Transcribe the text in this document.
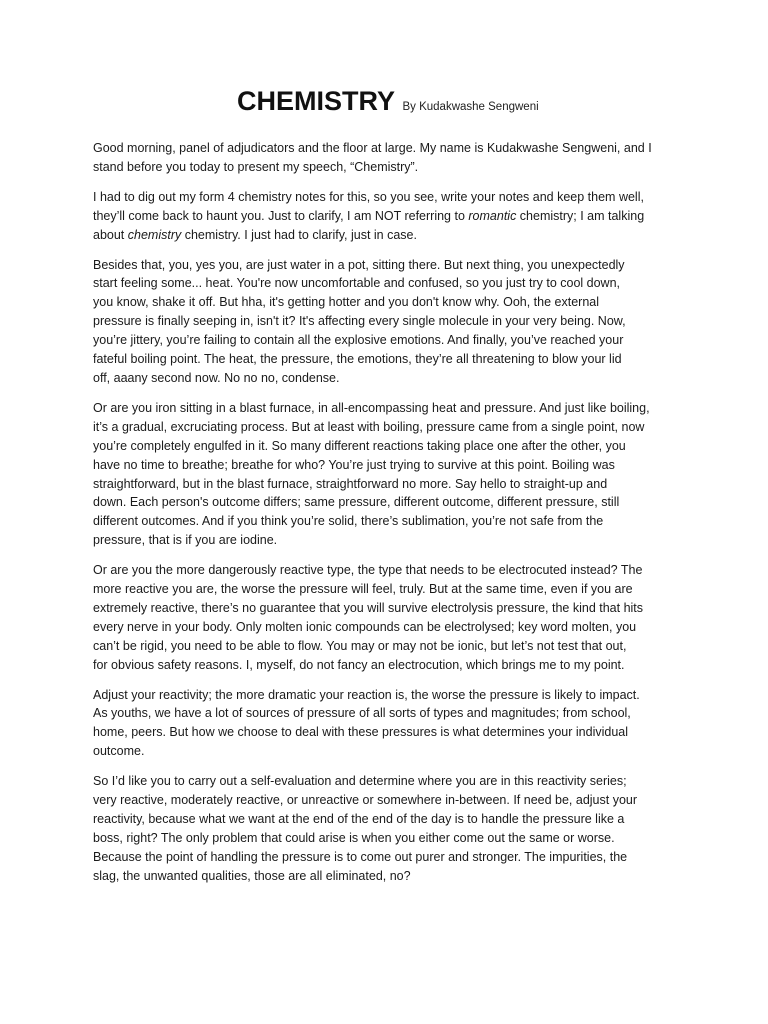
CHEMISTRY By Kudakwashe Sengweni

Good morning, panel of adjudicators and the floor at large. My name is Kudakwashe Sengweni, and I
stand before you today to present my speech, “Chemistry”.

I had to dig out my form 4 chemistry notes for this, so you see, write your notes and keep them well,
they’ll come back to haunt you. Just to clarify, I am NOT referring to romantic chemistry; I am talking
about chemistry chemistry. I just had to clarify, just in case.

Besides that, you, yes you, are just water in a pot, sitting there. But next thing, you unexpectedly
start feeling some... heat. You're now uncomfortable and confused, so you just try to cool down,
you know, shake it off. But hha, it's getting hotter and you don't know why. Ooh, the external
pressure is finally seeping in, isn't it? It's affecting every single molecule in your very being. Now,
you’re jittery, you’re failing to contain all the explosive emotions. And finally, you’ve reached your
fateful boiling point. The heat, the pressure, the emotions, they’re all threatening to blow your lid
off, aaany second now. No no no, condense.

Or are you iron sitting in a blast furnace, in all-encompassing heat and pressure. And just like boiling,
it’s a gradual, excruciating process. But at least with boiling, pressure came from a single point, now
you’re completely engulfed in it. So many different reactions taking place one after the other, you
have no time to breathe; breathe for who? You’re just trying to survive at this point. Boiling was
straightforward, but in the blast furnace, straightforward no more. Say hello to straight-up and
down. Each person's outcome differs; same pressure, different outcome, different pressure, still
different outcomes. And if you think you’re solid, there’s sublimation, you’re not safe from the
pressure, that is if you are iodine.

Or are you the more dangerously reactive type, the type that needs to be electrocuted instead? The
more reactive you are, the worse the pressure will feel, truly. But at the same time, even if you are
extremely reactive, there’s no guarantee that you will survive electrolysis pressure, the kind that hits
every nerve in your body. Only molten ionic compounds can be electrolysed; key word molten, you
can’t be rigid, you need to be able to flow. You may or may not be ionic, but let’s not test that out,
for obvious safety reasons. I, myself, do not fancy an electrocution, which brings me to my point.

Adjust your reactivity; the more dramatic your reaction is, the worse the pressure is likely to impact.
As youths, we have a lot of sources of pressure of all sorts of types and magnitudes; from school,
home, peers. But how we choose to deal with these pressures is what determines your individual
outcome.

So I’d like you to carry out a self-evaluation and determine where you are in this reactivity series;
very reactive, moderately reactive, or unreactive or somewhere in-between. If need be, adjust your
reactivity, because what we want at the end of the end of the day is to handle the pressure like a
boss, right? The only problem that could arise is when you either come out the same or worse.
Because the point of handling the pressure is to come out purer and stronger. The impurities, the
slag, the unwanted qualities, those are all eliminated, no?
